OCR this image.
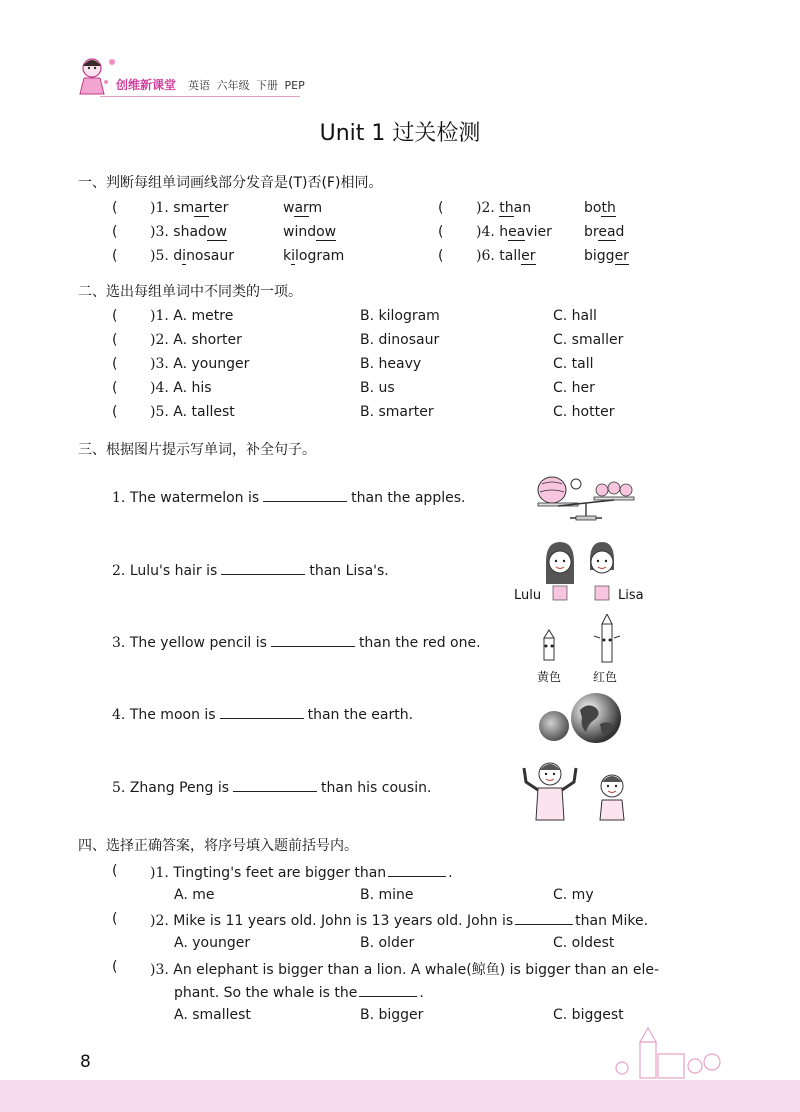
创维新课堂 英语 六年级 下册 PEP
Unit 1 过关检测
一、判断每组单词画线部分发音是(T)否(F)相同。
( )1. smarter	warm	( )2. than	both
( )3. shadow	window	( )4. heavier bread
( )5. dinosaur	kilogram	( )6. taller	bigger
二、选出每组单词中不同类的一项。
( )1. A. metre	B. kilogram	C. hall
( )2. A. shorter	B. dinosaur	C. smaller
( )3. A. younger	B. heavy	C. tall
( )4. A. his	B. us	C. her
( )5. A. tallest	B. smarter	C. hotter
三、根据图片提示写单词，补全句子。
1. The watermelon is	than the apples.
2. Lulu's hair is	than Lisa's.
3. The yellow pencil is	than the red one.
4. The moon is	than the earth.
5. Zhang Peng is	than his cousin.
Lulu	Lisa
黄色	红色
四、选择正确答案，将序号填入题前括号内。
( )1. Tingting's feet are bigger than	.
A. me	B. mine	C. my
( )2. Mike is 11 years old. John is 13 years old. John is	than Mike.
A. younger	B. older	C. oldest
( )3. An elephant is bigger than a lion. A whale(鲸鱼) is bigger than an ele-
phant. So the whale is the	.
A. smallest	B. bigger	C. biggest
8
